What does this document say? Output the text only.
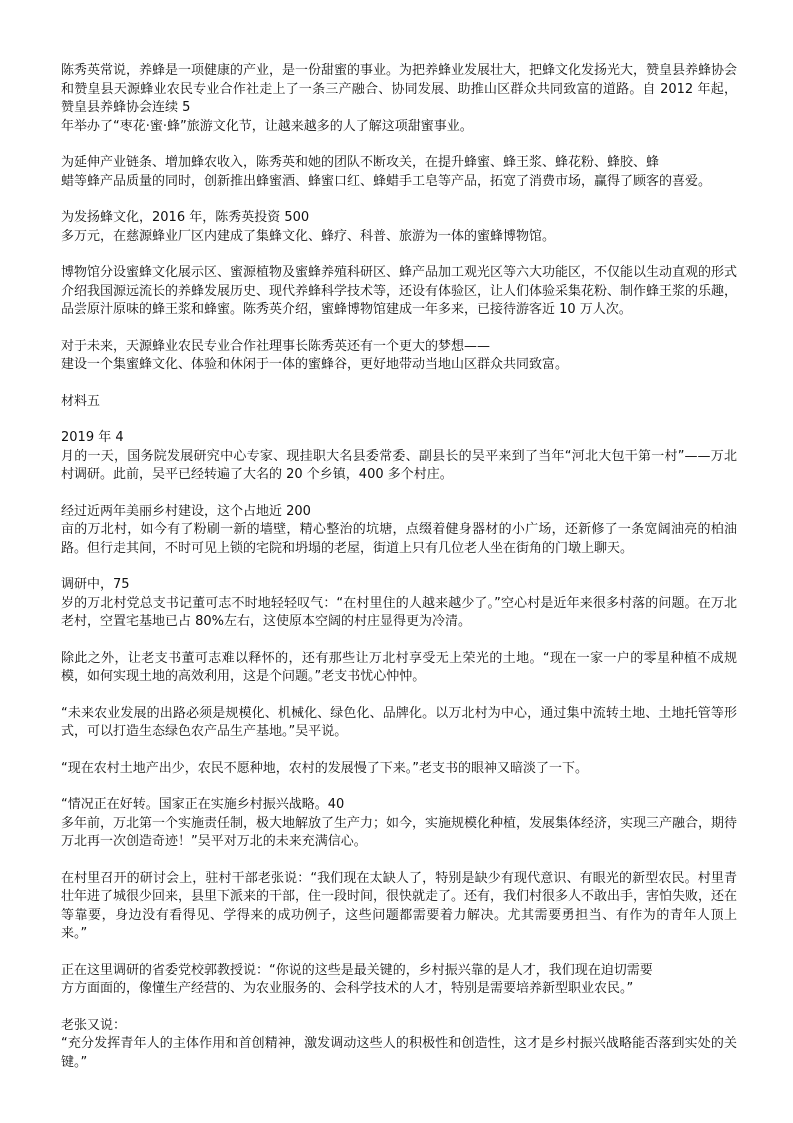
陈秀英常说，养蜂是一项健康的产业，是一份甜蜜的事业。为把养蜂业发展壮大，把蜂文化发扬光大，赞皇县养蜂协会和赞皇县天源蜂业农民专业合作社走上了一条三产融合、协同发展、助推山区群众共同致富的道路。自 2012 年起，赞皇县养蜂协会连续 5
年举办了“枣花·蜜·蜂”旅游文化节，让越来越多的人了解这项甜蜜事业。

为延伸产业链条、增加蜂农收入，陈秀英和她的团队不断攻关，在提升蜂蜜、蜂王浆、蜂花粉、蜂胶、蜂
蜡等蜂产品质量的同时，创新推出蜂蜜酒、蜂蜜口红、蜂蜡手工皂等产品，拓宽了消费市场，赢得了顾客的喜爱。

为发扬蜂文化，2016 年，陈秀英投资 500
多万元，在慈源蜂业厂区内建成了集蜂文化、蜂疗、科普、旅游为一体的蜜蜂博物馆。

博物馆分设蜜蜂文化展示区、蜜源植物及蜜蜂养殖科研区、蜂产品加工观光区等六大功能区，不仅能以生动直观的形式介绍我国源远流长的养蜂发展历史、现代养蜂科学技术等，还设有体验区，让人们体验采集花粉、制作蜂王浆的乐趣，品尝原汁原味的蜂王浆和蜂蜜。陈秀英介绍，蜜蜂博物馆建成一年多来，已接待游客近 10 万人次。

对于未来，天源蜂业农民专业合作社理事长陈秀英还有一个更大的梦想——
建设一个集蜜蜂文化、体验和休闲于一体的蜜蜂谷，更好地带动当地山区群众共同致富。

材料五

2019 年 4
月的一天，国务院发展研究中心专家、现挂职大名县委常委、副县长的吴平来到了当年“河北大包干第一村”——万北村调研。此前，吴平已经转遍了大名的 20 个乡镇，400 多个村庄。

经过近两年美丽乡村建设，这个占地近 200
亩的万北村，如今有了粉刷一新的墙壁，精心整治的坑塘，点缀着健身器材的小广场，还新修了一条宽阔油亮的柏油路。但行走其间，不时可见上锁的宅院和坍塌的老屋，街道上只有几位老人坐在街角的门墩上聊天。

调研中，75
岁的万北村党总支书记董可志不时地轻轻叹气：“在村里住的人越来越少了。”空心村是近年来很多村落的问题。在万北老村，空置宅基地已占 80%左右，这使原本空阔的村庄显得更为冷清。

除此之外，让老支书董可志难以释怀的，还有那些让万北村享受无上荣光的土地。“现在一家一户的零星种植不成规模，如何实现土地的高效利用，这是个问题。”老支书忧心忡忡。

“未来农业发展的出路必须是规模化、机械化、绿色化、品牌化。以万北村为中心，通过集中流转土地、土地托管等形式，可以打造生态绿色农产品生产基地。”吴平说。

“现在农村土地产出少，农民不愿种地，农村的发展慢了下来。”老支书的眼神又暗淡了一下。

“情况正在好转。国家正在实施乡村振兴战略。40
多年前，万北第一个实施责任制，极大地解放了生产力；如今，实施规模化种植，发展集体经济，实现三产融合，期待万北再一次创造奇迹！”吴平对万北的未来充满信心。

在村里召开的研讨会上，驻村干部老张说：“我们现在太缺人了，特别是缺少有现代意识、有眼光的新型农民。村里青壮年进了城很少回来，县里下派来的干部，住一段时间，很快就走了。还有，我们村很多人不敢出手，害怕失败，还在等靠要，身边没有看得见、学得来的成功例子，这些问题都需要着力解决。尤其需要勇担当、有作为的青年人顶上来。”

正在这里调研的省委党校郭教授说：“你说的这些是最关键的，乡村振兴靠的是人才，我们现在迫切需要
方方面面的，像懂生产经营的、为农业服务的、会科学技术的人才，特别是需要培养新型职业农民。”

老张又说：
“充分发挥青年人的主体作用和首创精神，激发调动这些人的积极性和创造性，这才是乡村振兴战略能否落到实处的关键。”
